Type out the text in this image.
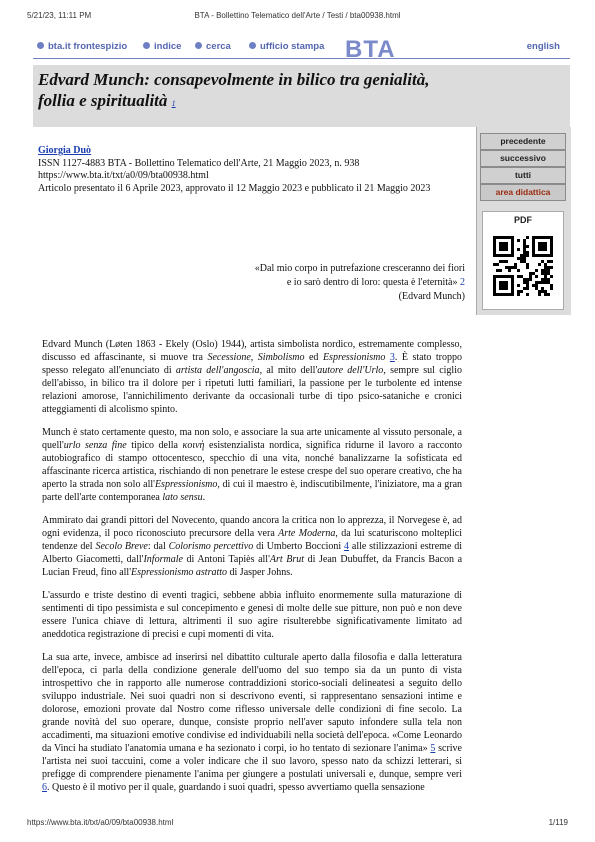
5/21/23, 11:11 PM	BTA - Bollettino Telematico dell'Arte / Testi / bta00938.html
bta.it frontespizio	indice	cerca	ufficio stampa BTA	english
Edvard Munch: consapevolmente in bilico tra genialità, follia e spiritualità 1
precedente
successivo
tutti
area didattica
PDF
Giorgia Duò
ISSN 1127-4883 BTA - Bollettino Telematico dell'Arte, 21 Maggio 2023, n. 938
https://www.bta.it/txt/a0/09/bta00938.html
Articolo presentato il 6 Aprile 2023, approvato il 12 Maggio 2023 e pubblicato il 21 Maggio 2023
«Dal mio corpo in putrefazione cresceranno dei fiori
e io sarò dentro di loro: questa è l'eternità» 2
(Edvard Munch)

Edvard Munch (Løten 1863 - Ekely (Oslo) 1944), artista simbolista nordico, estremamente complesso, discusso ed affascinante, si muove tra Secessione, Simbolismo ed Espressionismo 3. È stato troppo spesso relegato all'enunciato di artista dell'angoscia, al mito dell'autore dell'Urlo, sempre sul ciglio dell'abisso, in bilico tra il dolore per i ripetuti lutti familiari, la passione per le turbolente ed intense relazioni amorose, l'annichilimento derivante da occasionali turbe di tipo psico-sataniche e cronici atteggiamenti di alcolismo spinto.

Munch è stato certamente questo, ma non solo, e associare la sua arte unicamente al vissuto personale, a quell'urlo senza fine tipico della κοινὴ esistenzialista nordica, significa ridurne il lavoro a racconto autobiografico di stampo ottocentesco, specchio di una vita, nonché banalizzarne la sofisticata ed affascinante ricerca artistica, rischiando di non penetrare le estese crespe del suo operare creativo, che ha aperto la strada non solo all'Espressionismo, di cui il maestro è, indiscutibilmente, l'iniziatore, ma a gran parte dell'arte contemporanea lato sensu.

Ammirato dai grandi pittori del Novecento, quando ancora la critica non lo apprezza, il Norvegese è, ad ogni evidenza, il poco riconosciuto precursore della vera Arte Moderna, da lui scaturiscono molteplici tendenze del Secolo Breve: dal Colorismo percettivo di Umberto Boccioni 4 alle stilizzazioni estreme di Alberto Giacometti, dall'Informale di Antoni Tapiès all'Art Brut di Jean Dubuffet, da Francis Bacon a Lucian Freud, fino all'Espressionismo astratto di Jasper Johns.

L'assurdo e triste destino di eventi tragici, sebbene abbia influito enormemente sulla maturazione di sentimenti di tipo pessimista e sul concepimento e genesi di molte delle sue pitture, non può e non deve essere l'unica chiave di lettura, altrimenti il suo agire risulterebbe significativamente limitato ad aneddotica registrazione di precisi e cupi momenti di vita.

La sua arte, invece, ambisce ad inserirsi nel dibattito culturale aperto dalla filosofia e dalla letteratura dell'epoca, ci parla della condizione generale dell'uomo del suo tempo sia da un punto di vista introspettivo che in rapporto alle numerose contraddizioni storico-sociali delineatesi a seguito dello sviluppo industriale. Nei suoi quadri non si descrivono eventi, si rappresentano sensazioni intime e dolorose, emozioni provate dal Nostro come riflesso universale delle condizioni di fine secolo. La grande novità del suo operare, dunque, consiste proprio nell'aver saputo infondere sulla tela non accadimenti, ma situazioni emotive condivise ed individuabili nella società dell'epoca. «Come Leonardo da Vinci ha studiato l'anatomia umana e ha sezionato i corpi, io ho tentato di sezionare l'anima» 5 scrive l'artista nei suoi taccuini, come a voler indicare che il suo lavoro, spesso nato da schizzi letterari, si prefigge di comprendere pienamente l'anima per giungere a postulati universali e, dunque, sempre veri 6. Questo è il motivo per il quale, guardando i suoi quadri, spesso avvertiamo quella sensazione

https://www.bta.it/txt/a0/09/bta00938.html	1/119
